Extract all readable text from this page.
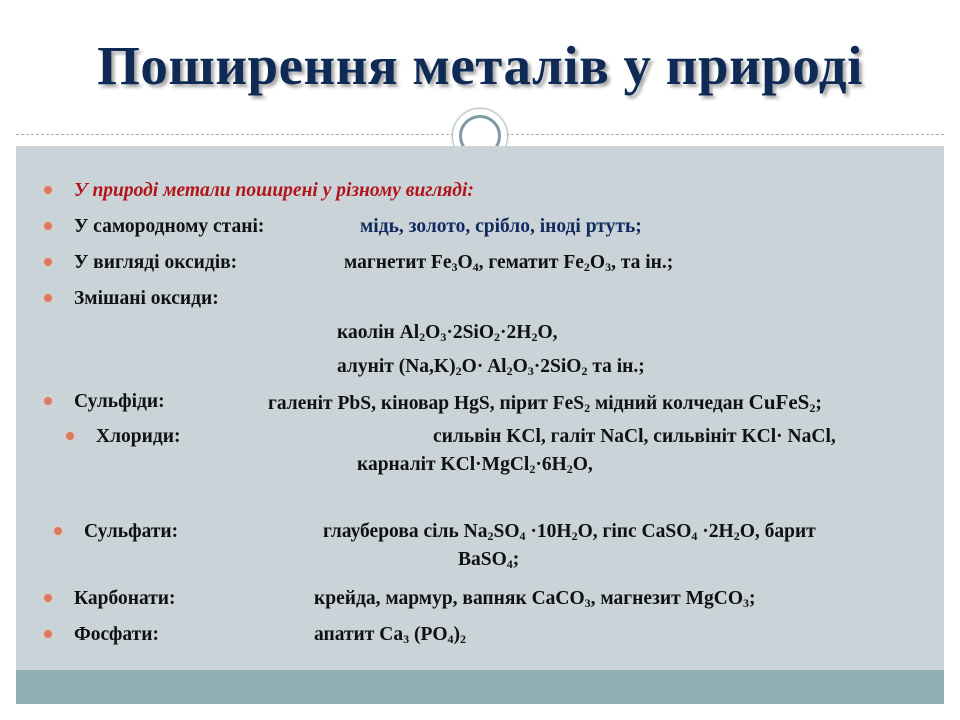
Поширення металів у природі
У природі метали поширені у різному вигляді:
У самородному стані:	мідь, золото, срібло, іноді ртуть;
У вигляді оксидів:	магнетит $Fe_3O_4$, гематит $Fe_2O_3$, та ін.;
Змішані оксиди:
каолін $Al_2O_3\cdot 2SiO_2\cdot 2H_2O$,
алуніт $(Na,K)_2O\cdot Al_2O_3\cdot 2SiO_2$ та ін.;
Сульфіди:	галеніт PbS, кіновар HgS, пірит FeS$_2$ мідний колчедан CuFeS$_2$;
Хлориди:	сильвін KCl, галіт NaCl, сильвініт KCl· NaCl,
карналіт $KCl\cdot MgCl_2\cdot 6H_2O$,
Сульфати:	глауберова сіль $Na_2SO_4 \cdot 10H_2O$, гіпс CaSO$_4$ $\cdot 2H_2O$, барит
BaSO$_4$;
Карбонати:	крейда, мармур, вапняк CaCO$_3$, магнезит MgCO$_3$;
Фосфати:	апатит $Ca_3$ $(PO_4)_2$
